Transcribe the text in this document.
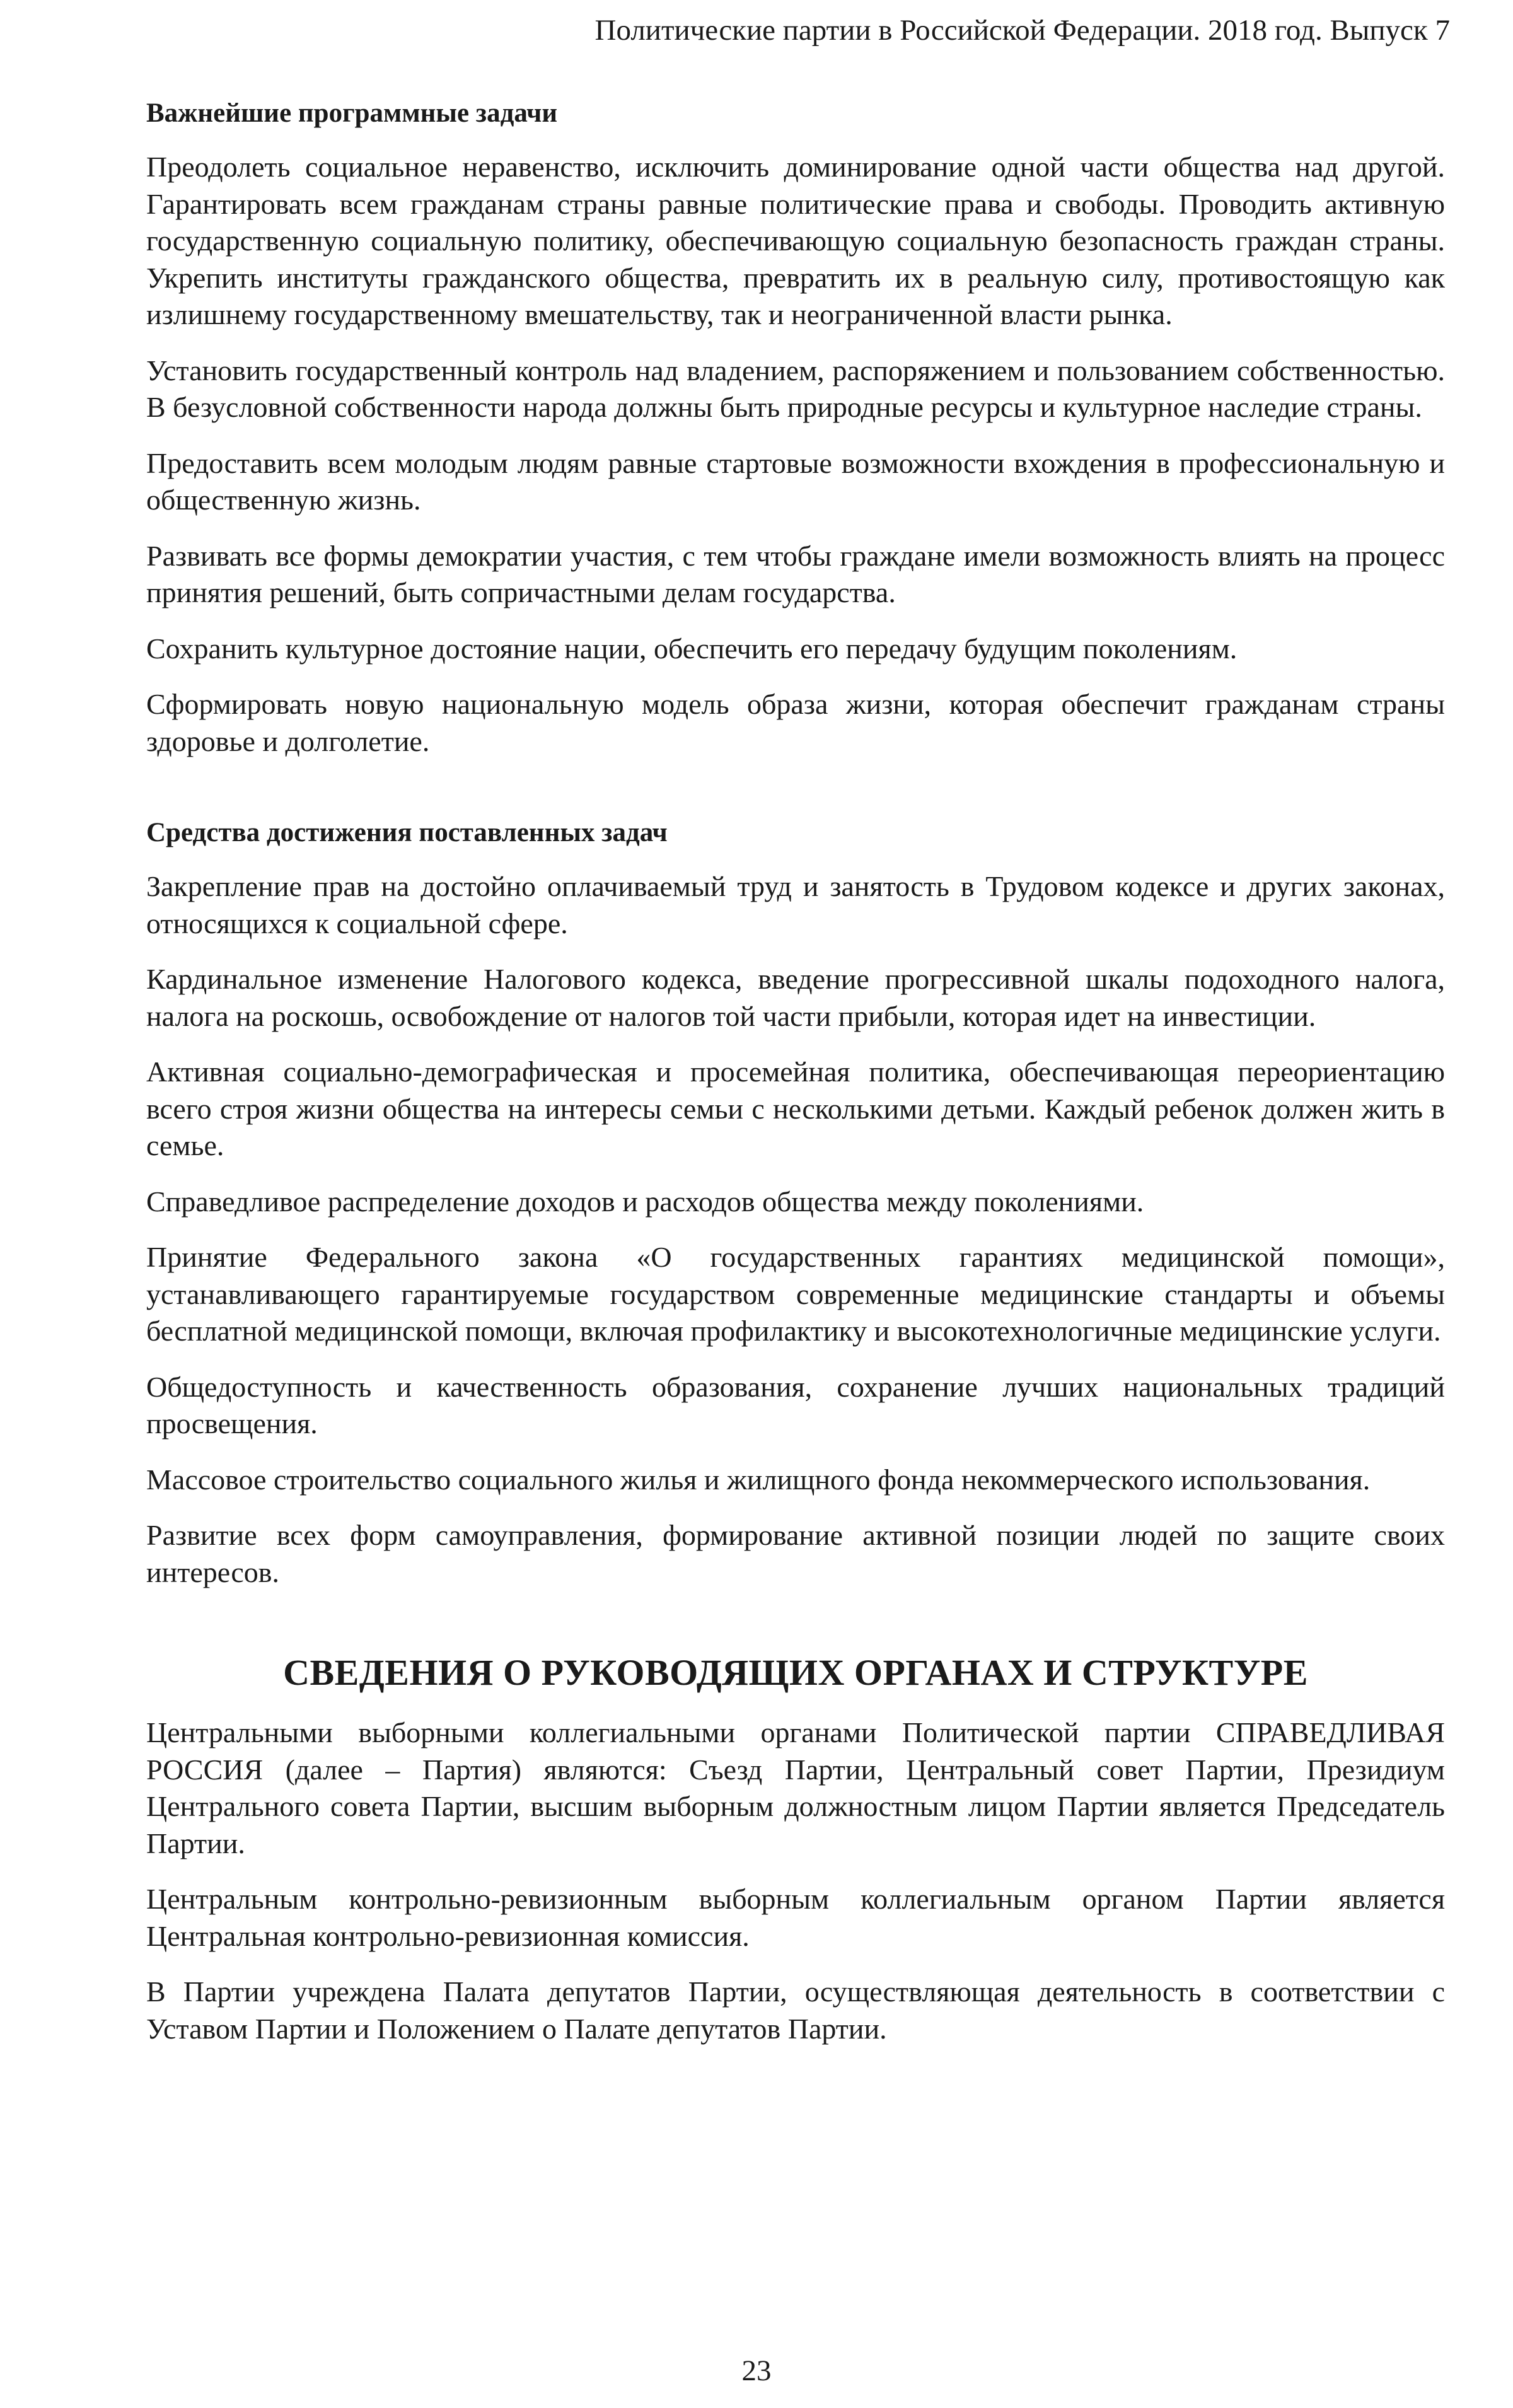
Политические партии в Российской Федерации. 2018 год. Выпуск 7
Важнейшие программные задачи

Преодолеть социальное неравенство, исключить доминирование одной части общества над другой. Гарантировать всем гражданам страны равные политические права и свободы. Проводить активную государственную социальную политику, обеспечивающую социальную безопасность граждан страны. Укрепить институты гражданского общества, превратить их в реальную силу, противостоящую как излишнему государственному вмешательству, так и неограниченной власти рынка.

Установить государственный контроль над владением, распоряжением и пользованием собственностью. В безусловной собственности народа должны быть природные ресурсы и культурное наследие страны.

Предоставить всем молодым людям равные стартовые возможности вхождения в профессиональную и общественную жизнь.

Развивать все формы демократии участия, с тем чтобы граждане имели возможность влиять на процесс принятия решений, быть сопричастными делам государства.

Сохранить культурное достояние нации, обеспечить его передачу будущим поколениям.

Сформировать новую национальную модель образа жизни, которая обеспечит гражданам страны здоровье и долголетие.

Средства достижения поставленных задач

Закрепление прав на достойно оплачиваемый труд и занятость в Трудовом кодексе и других законах, относящихся к социальной сфере.

Кардинальное изменение Налогового кодекса, введение прогрессивной шкалы подоходного налога, налога на роскошь, освобождение от налогов той части прибыли, которая идет на инвестиции.

Активная социально-демографическая и просемейная политика, обеспечивающая переориентацию всего строя жизни общества на интересы семьи с несколькими детьми. Каждый ребенок должен жить в семье.

Справедливое распределение доходов и расходов общества между поколениями.

Принятие Федерального закона «О государственных гарантиях медицинской помощи», устанавливающего гарантируемые государством современные медицинские стандарты и объемы бесплатной медицинской помощи, включая профилактику и высокотехнологичные медицинские услуги.

Общедоступность и качественность образования, сохранение лучших национальных традиций просвещения.

Массовое строительство социального жилья и жилищного фонда некоммерческого использования.

Развитие всех форм самоуправления, формирование активной позиции людей по защите своих интересов.

СВЕДЕНИЯ О РУКОВОДЯЩИХ ОРГАНАХ И СТРУКТУРЕ

Центральными выборными коллегиальными органами Политической партии СПРАВЕДЛИВАЯ РОССИЯ (далее – Партия) являются: Съезд Партии, Центральный совет Партии, Президиум Центрального совета Партии, высшим выборным должностным лицом Партии является Председатель Партии.

Центральным контрольно-ревизионным выборным коллегиальным органом Партии является Центральная контрольно-ревизионная комиссия.

В Партии учреждена Палата депутатов Партии, осуществляющая деятельность в соответствии с Уставом Партии и Положением о Палате депутатов Партии.

23
